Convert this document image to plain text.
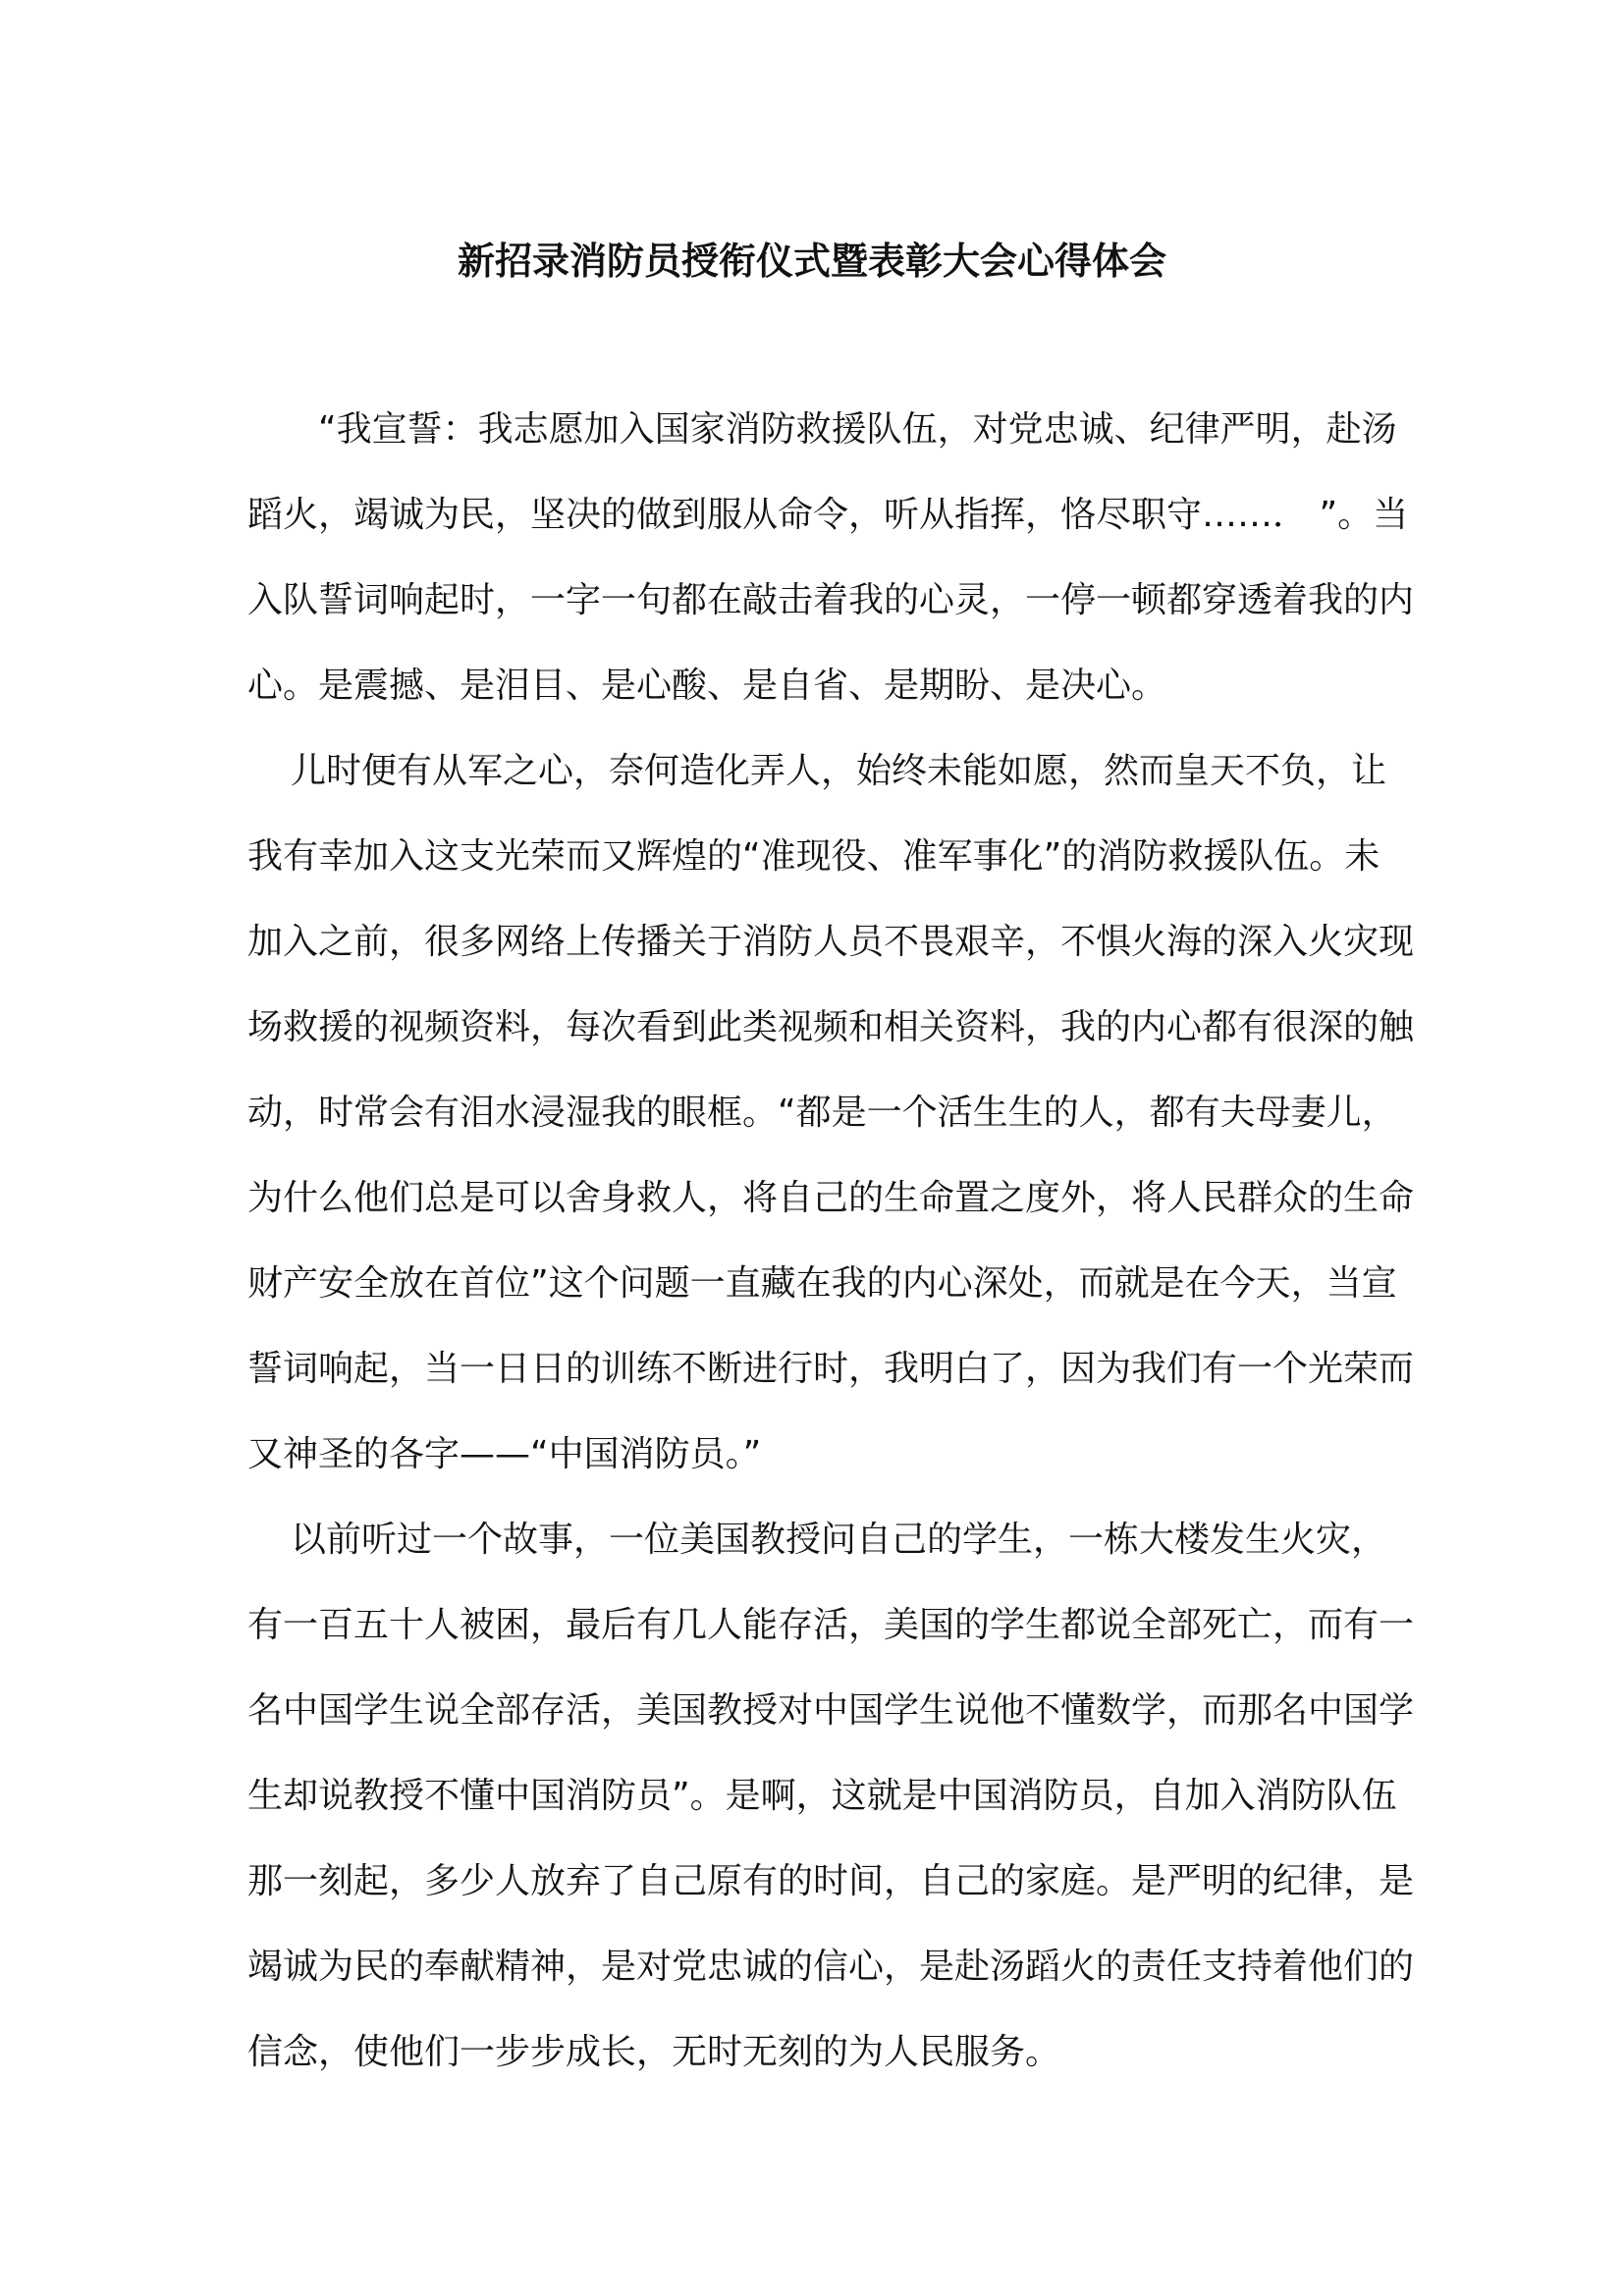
新招录消防员授衔仪式暨表彰大会心得体会
“我宣誓：我志愿加入国家消防救援队伍，对党忠诚、纪律严明，赴汤
蹈火，竭诚为民，坚决的做到服从命令，听从指挥，恪尽职守……． ”。当
入队誓词响起时，一字一句都在敲击着我的心灵，一停一顿都穿透着我的内
心。是震撼、是泪目、是心酸、是自省、是期盼、是决心。
儿时便有从军之心，奈何造化弄人，始终未能如愿，然而皇天不负，让
我有幸加入这支光荣而又辉煌的“准现役、准军事化”的消防救援队伍。未
加入之前，很多网络上传播关于消防人员不畏艰辛，不惧火海的深入火灾现
场救援的视频资料，每次看到此类视频和相关资料，我的内心都有很深的触
动，时常会有泪水浸湿我的眼框。“都是一个活生生的人，都有夫母妻儿，
为什么他们总是可以舍身救人，将自己的生命置之度外，将人民群众的生命
财产安全放在首位”这个问题一直藏在我的内心深处，而就是在今天，当宣
誓词响起，当一日日的训练不断进行时，我明白了，因为我们有一个光荣而
又神圣的各字——“中国消防员。”
以前听过一个故事，一位美国教授问自己的学生，一栋大楼发生火灾，
有一百五十人被困，最后有几人能存活，美国的学生都说全部死亡，而有一
名中国学生说全部存活，美国教授对中国学生说他不懂数学，而那名中国学
生却说教授不懂中国消防员”。是啊，这就是中国消防员，自加入消防队伍
那一刻起，多少人放弃了自己原有的时间，自己的家庭。是严明的纪律，是
竭诚为民的奉献精神，是对党忠诚的信心，是赴汤蹈火的责任支持着他们的
信念，使他们一步步成长，无时无刻的为人民服务。
